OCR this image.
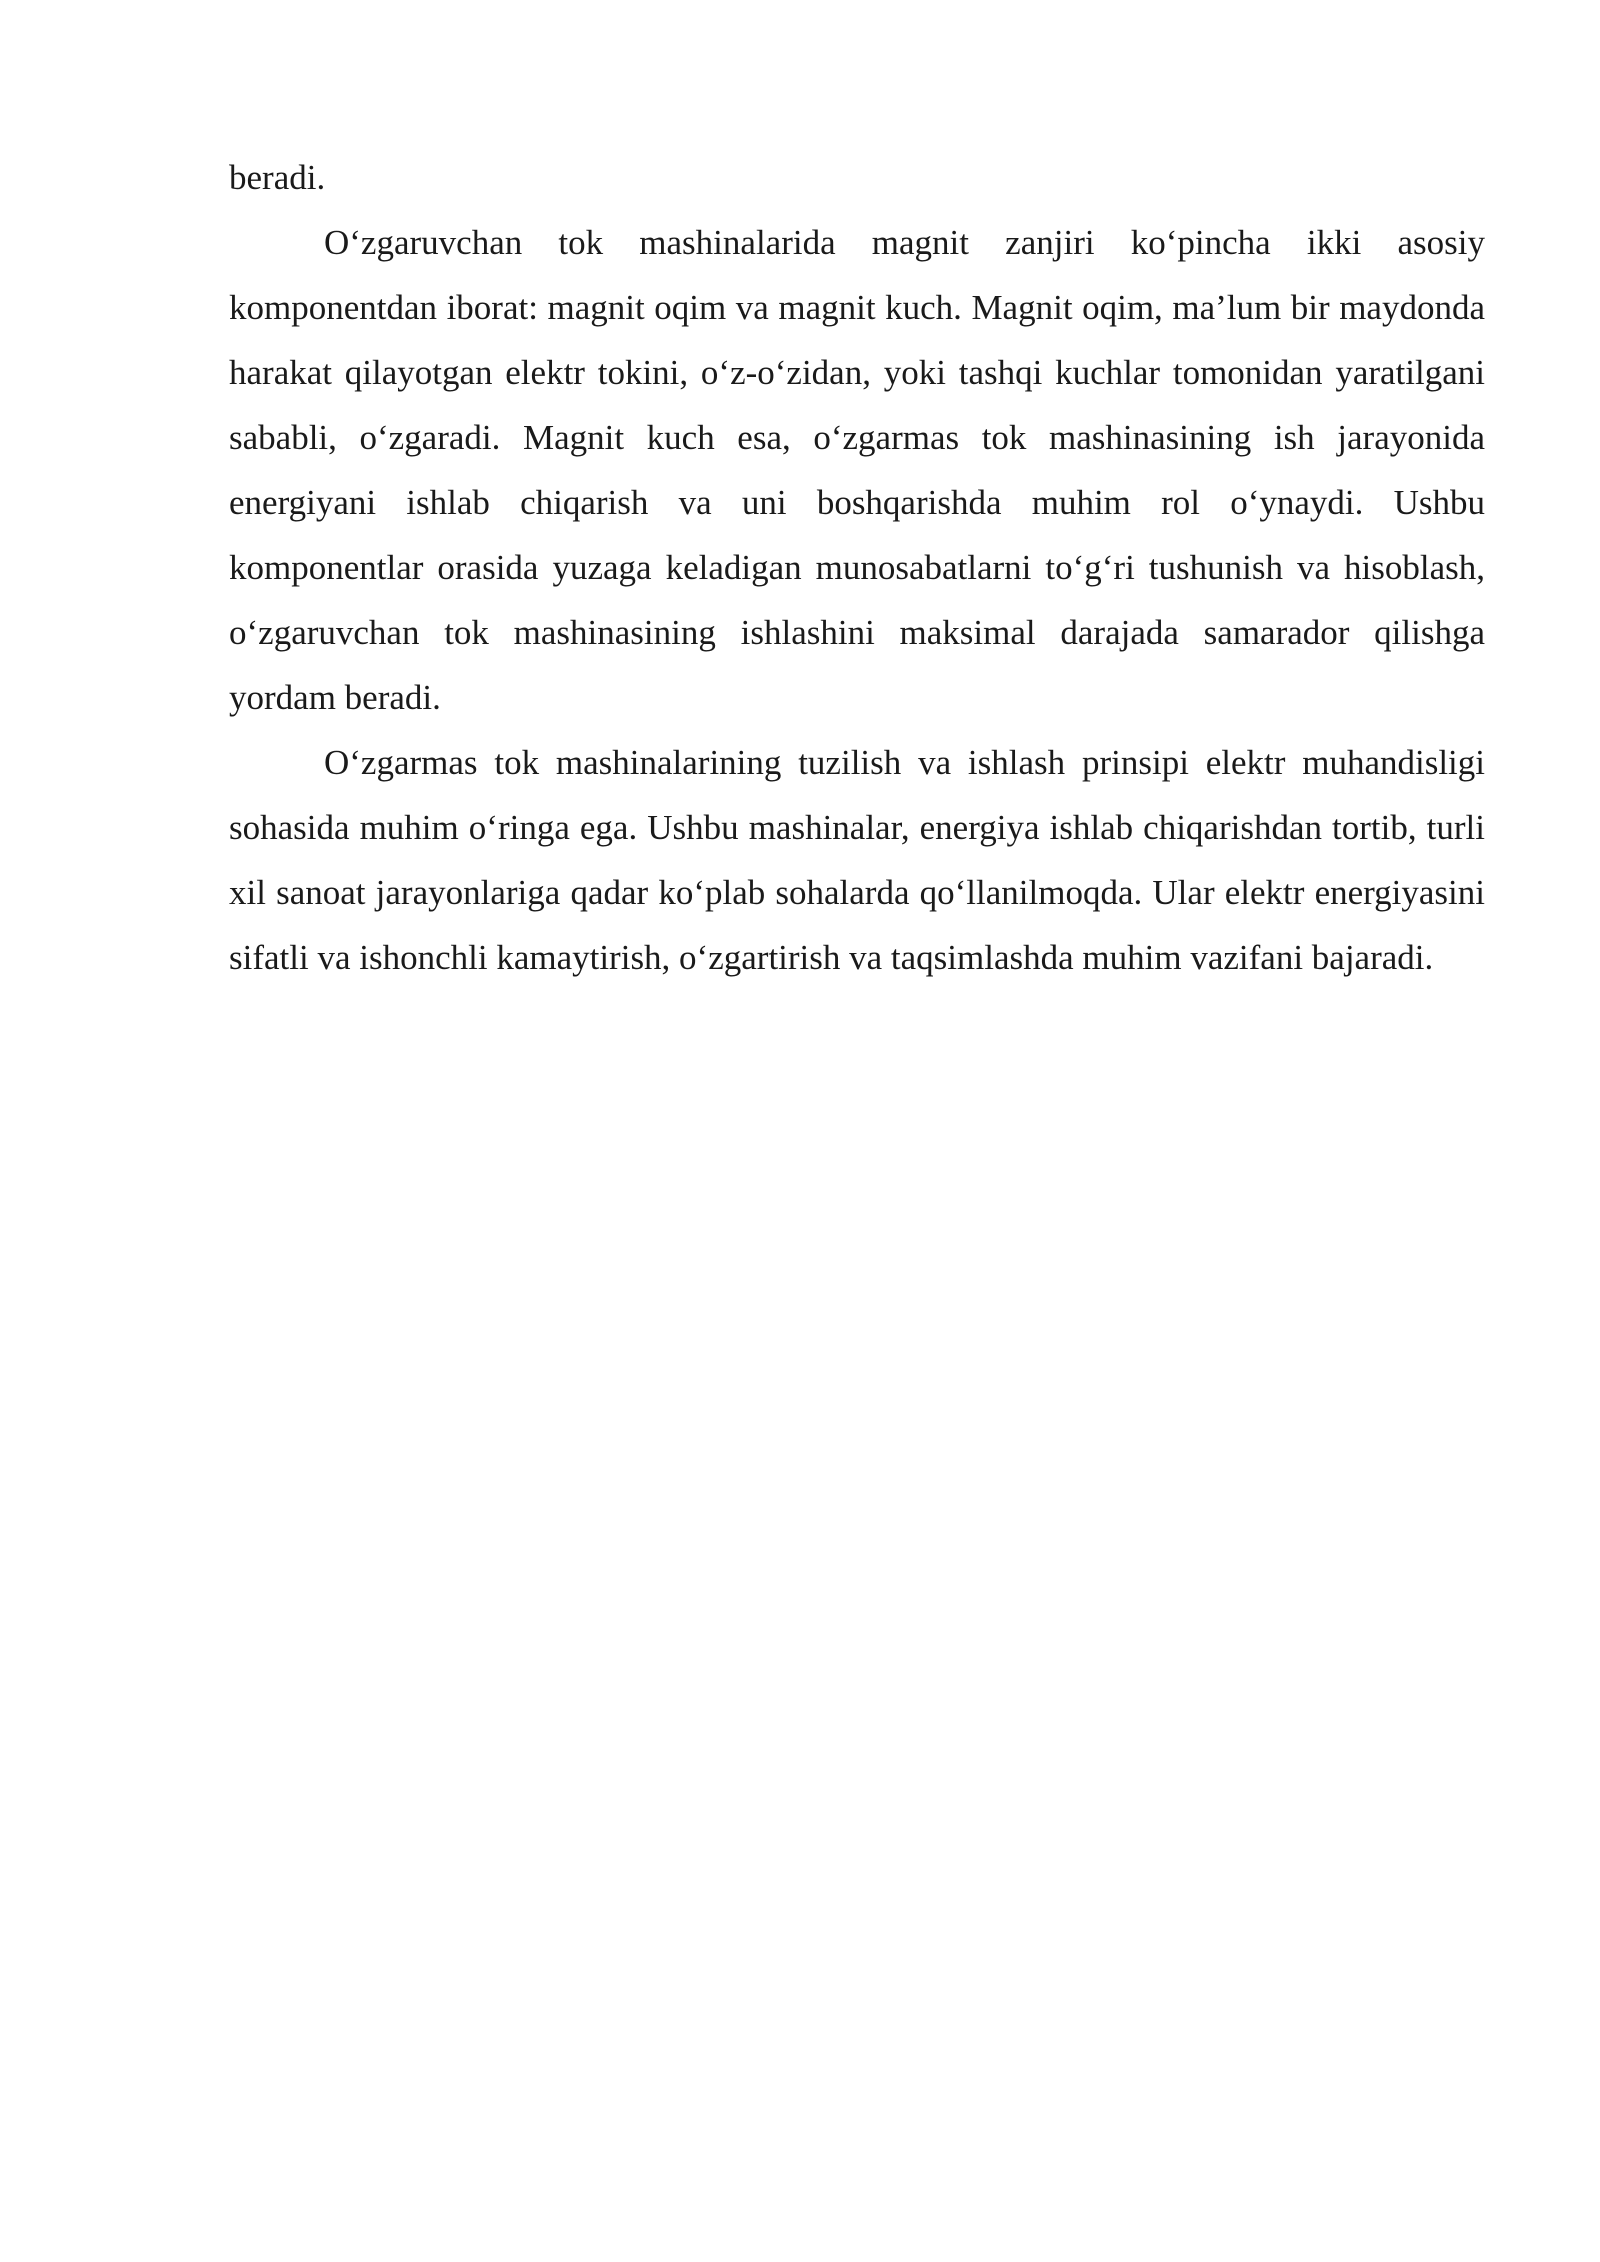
beradi.

O‘zgaruvchan tok mashinalarida magnit zanjiri ko‘pincha ikki asosiy komponentdan iborat: magnit oqim va magnit kuch. Magnit oqim, ma’lum bir maydonda harakat qilayotgan elektr tokini, o‘z-o‘zidan, yoki tashqi kuchlar tomonidan yaratilgani sababli, o‘zgaradi. Magnit kuch esa, o‘zgarmas tok mashinasining ish jarayonida energiyani ishlab chiqarish va uni boshqarishda muhim rol o‘ynaydi. Ushbu komponentlar orasida yuzaga keladigan munosabatlarni to‘g‘ri tushunish va hisoblash, o‘zgaruvchan tok mashinasining ishlashini maksimal darajada samarador qilishga yordam beradi.

O‘zgarmas tok mashinalarining tuzilish va ishlash prinsipi elektr muhandisligi sohasida muhim o‘ringa ega. Ushbu mashinalar, energiya ishlab chiqarishdan tortib, turli xil sanoat jarayonlariga qadar ko‘plab sohalarda qo‘llanilmoqda. Ular elektr energiyasini sifatli va ishonchli kamaytirish, o‘zgartirish va taqsimlashda muhim vazifani bajaradi.
